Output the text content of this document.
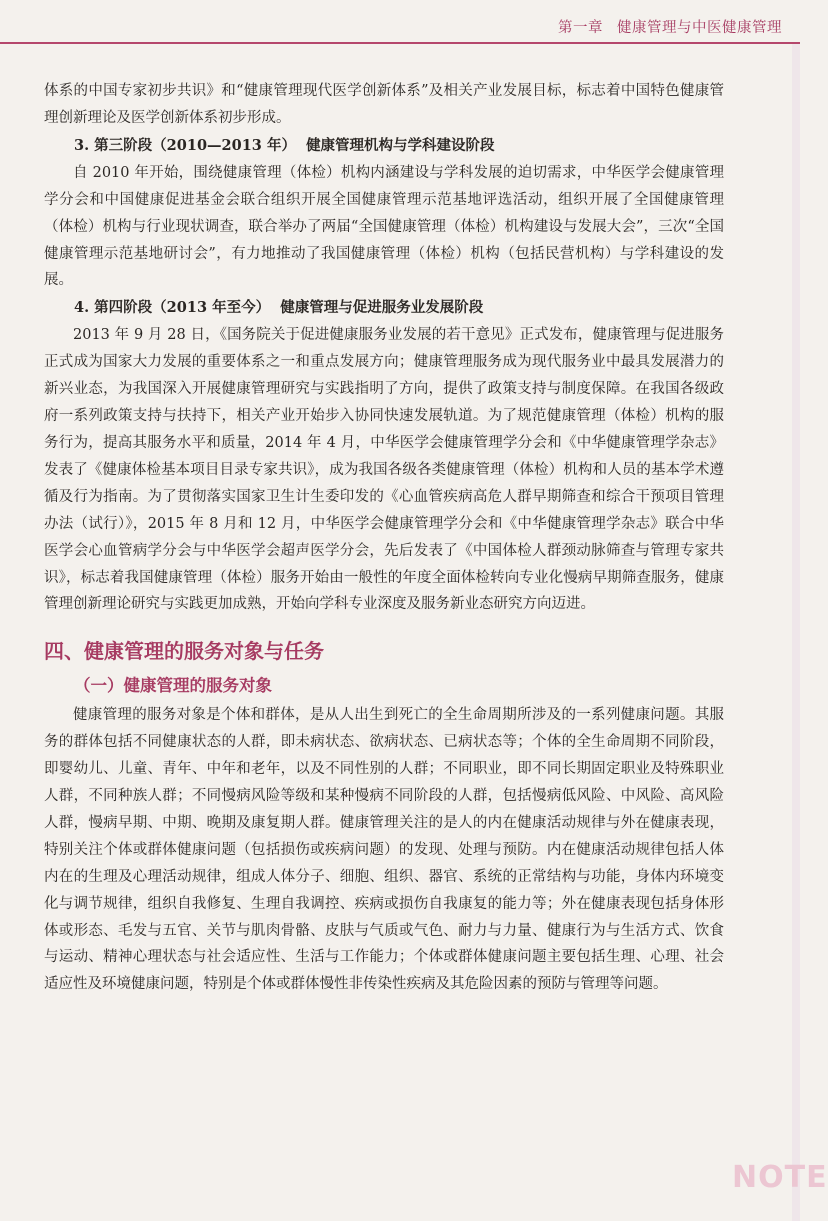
第一章 健康管理与中医健康管理

体系的中国专家初步共识》和“健康管理现代医学创新体系”及相关产业发展目标，标志着中国特色健康管理创新理论及医学创新体系初步形成。

3. 第三阶段（2010—2013 年） 健康管理机构与学科建设阶段

自 2010 年开始，围绕健康管理（体检）机构内涵建设与学科发展的迫切需求，中华医学会健康管理学分会和中国健康促进基金会联合组织开展全国健康管理示范基地评选活动，组织开展了全国健康管理（体检）机构与行业现状调查，联合举办了两届“全国健康管理（体检）机构建设与发展大会”，三次“全国健康管理示范基地研讨会”，有力地推动了我国健康管理（体检）机构（包括民营机构）与学科建设的发展。

4. 第四阶段（2013 年至今） 健康管理与促进服务业发展阶段

2013 年 9 月 28 日，《国务院关于促进健康服务业发展的若干意见》正式发布，健康管理与促进服务正式成为国家大力发展的重要体系之一和重点发展方向；健康管理服务成为现代服务业中最具发展潜力的新兴业态，为我国深入开展健康管理研究与实践指明了方向，提供了政策支持与制度保障。在我国各级政府一系列政策支持与扶持下，相关产业开始步入协同快速发展轨道。为了规范健康管理（体检）机构的服务行为，提高其服务水平和质量，2014 年 4 月，中华医学会健康管理学分会和《中华健康管理学杂志》发表了《健康体检基本项目目录专家共识》，成为我国各级各类健康管理（体检）机构和人员的基本学术遵循及行为指南。为了贯彻落实国家卫生计生委印发的《心血管疾病高危人群早期筛查和综合干预项目管理办法（试行）》，2015 年 8 月和 12 月，中华医学会健康管理学分会和《中华健康管理学杂志》联合中华医学会心血管病学分会与中华医学会超声医学分会，先后发表了《中国体检人群颈动脉筛查与管理专家共识》，标志着我国健康管理（体检）服务开始由一般性的年度全面体检转向专业化慢病早期筛查服务，健康管理创新理论研究与实践更加成熟，开始向学科专业深度及服务新业态研究方向迈进。

四、健康管理的服务对象与任务
（一）健康管理的服务对象

健康管理的服务对象是个体和群体，是从人出生到死亡的全生命周期所涉及的一系列健康问题。其服务的群体包括不同健康状态的人群，即未病状态、欲病状态、已病状态等；个体的全生命周期不同阶段，即婴幼儿、儿童、青年、中年和老年，以及不同性别的人群；不同职业，即不同长期固定职业及特殊职业人群，不同种族人群；不同慢病风险等级和某种慢病不同阶段的人群，包括慢病低风险、中风险、高风险人群，慢病早期、中期、晚期及康复期人群。健康管理关注的是人的内在健康活动规律与外在健康表现，特别关注个体或群体健康问题（包括损伤或疾病问题）的发现、处理与预防。内在健康活动规律包括人体内在的生理及心理活动规律，组成人体分子、细胞、组织、器官、系统的正常结构与功能，身体内环境变化与调节规律，组织自我修复、生理自我调控、疾病或损伤自我康复的能力等；外在健康表现包括身体形体或形态、毛发与五官、关节与肌肉骨骼、皮肤与气质或气色、耐力与力量、健康行为与生活方式、饮食与运动、精神心理状态与社会适应性、生活与工作能力；个体或群体健康问题主要包括生理、心理、社会适应性及环境健康问题，特别是个体或群体慢性非传染性疾病及其危险因素的预防与管理等问题。

NOTE
